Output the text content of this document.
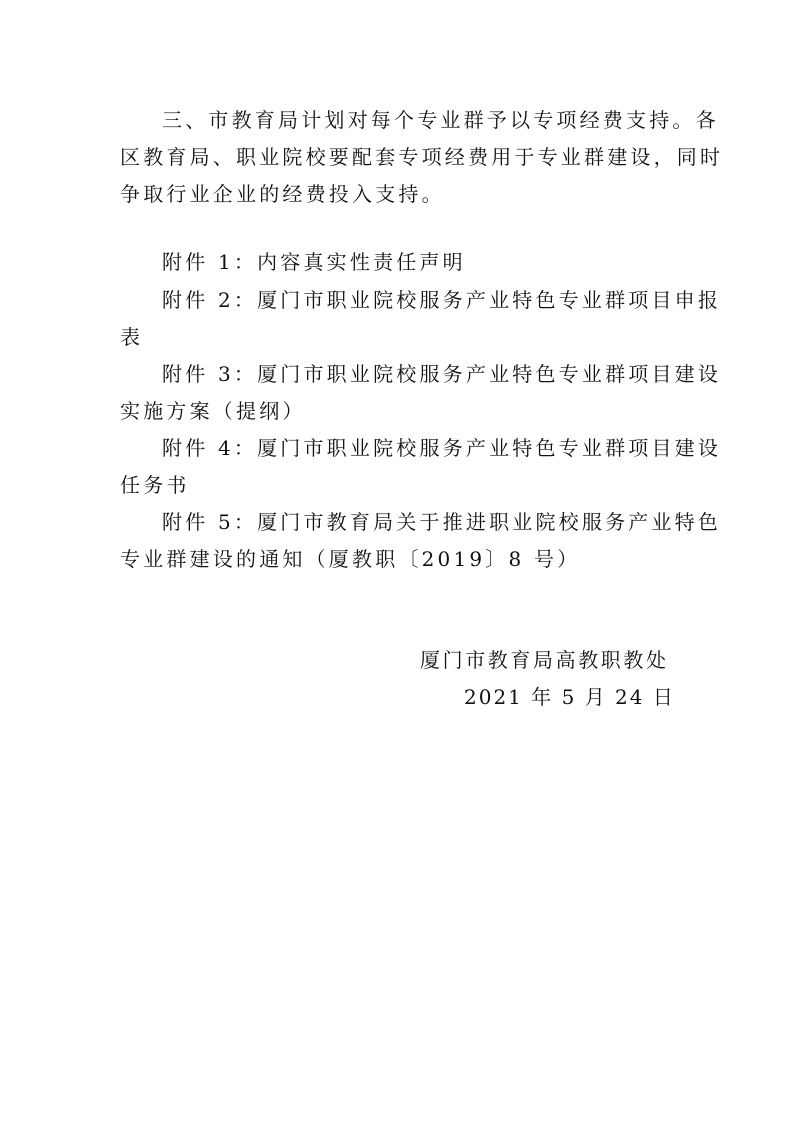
三、市教育局计划对每个专业群予以专项经费支持。各
区教育局、职业院校要配套专项经费用于专业群建设，同时
争取行业企业的经费投入支持。
附件 1：内容真实性责任声明
附件 2：厦门市职业院校服务产业特色专业群项目申报
表
附件 3：厦门市职业院校服务产业特色专业群项目建设
实施方案（提纲）
附件 4：厦门市职业院校服务产业特色专业群项目建设
任务书
附件 5：厦门市教育局关于推进职业院校服务产业特色
专业群建设的通知（厦教职〔2019〕8 号）
厦门市教育局高教职教处
2021 年 5 月 24 日
